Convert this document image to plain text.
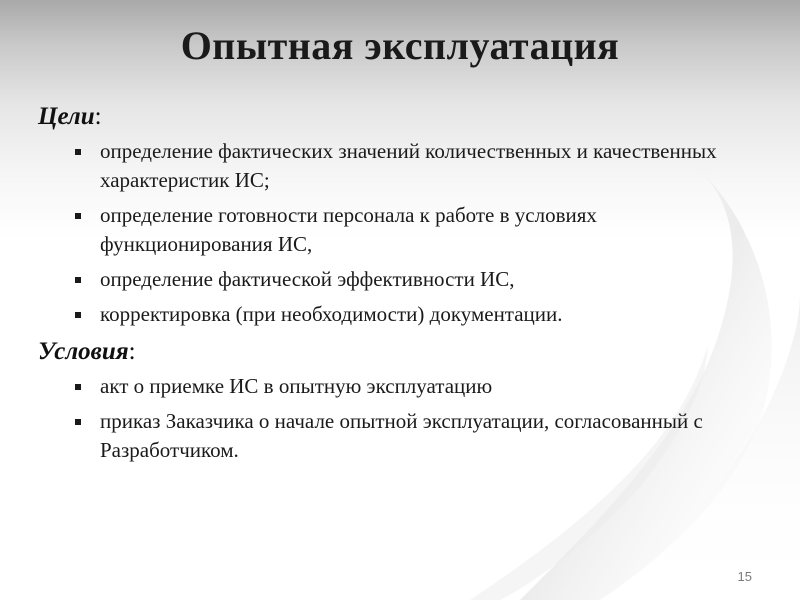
Опытная эксплуатация

Цели:

определение фактических значений количественных и качественных характеристик ИС;
определение готовности персонала к работе в условиях функционирования ИС,
определение фактической эффективности ИС,
корректировка (при необходимости) документации.

Условия:

акт о приемке ИС в опытную эксплуатацию
приказ Заказчика о начале опытной эксплуатации, согласованный с Разработчиком.
15
